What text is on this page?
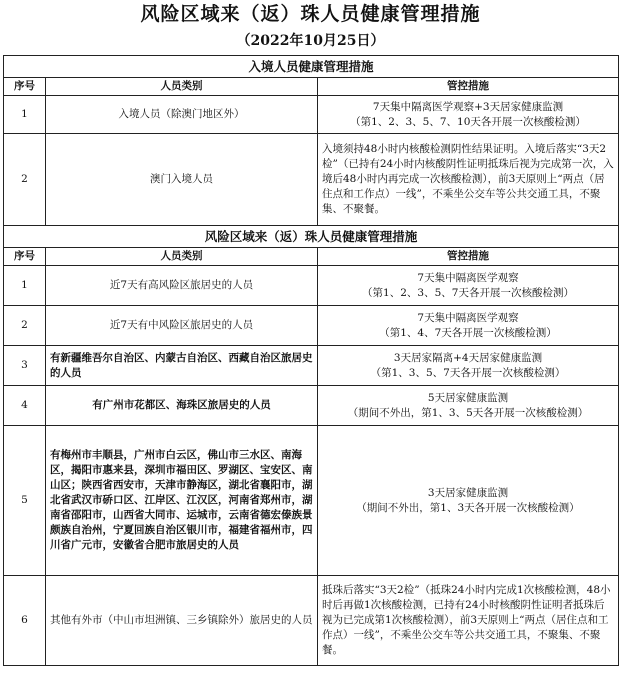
风险区域来（返）珠人员健康管理措施
（2022年10月25日）
入境人员健康管理措施		
序号	人员类别	管控措施
1	入境人员（除澳门地区外）	7天集中隔离医学观察+3天居家健康监测
（第1、2、3、5、7、10天各开展一次核酸检测）

2	澳门入境人员	入境须持48小时内核酸检测阴性结果证明。入境后落实“3天2检”（已持有24小时内核酸阴性证明抵珠后视为完成第一次，入境后48小时内再完成一次核酸检测），前3天原则上“两点（居住点和工作点）一线”，不乘坐公交车等公共交通工具，不聚集、不聚餐。
风险区域来（返）珠人员健康管理措施		
序号	人员类别	管控措施
1	近7天有高风险区旅居史的人员	7天集中隔离医学观察
（第1、2、3、5、7天各开展一次核酸检测）

2	近7天有中风险区旅居史的人员	7天集中隔离医学观察
（第1、4、7天各开展一次核酸检测）

3	有新疆维吾尔自治区、内蒙古自治区、西藏自治区旅居史的人员	3天居家隔离+4天居家健康监测
（第1、3、5、7天各开展一次核酸检测）

4	有广州市花都区、海珠区旅居史的人员	5天居家健康监测
（期间不外出，第1、3、5天各开展一次核酸检测）

5	有梅州市丰顺县，广州市白云区，佛山市三水区、南海区，揭阳市惠来县，深圳市福田区、罗湖区、宝安区、南山区；陕西省西安市，天津市静海区，湖北省襄阳市，湖北省武汉市硚口区、江岸区、江汉区，河南省郑州市，湖南省邵阳市，山西省大同市、运城市，云南省德宏傣族景颇族自治州，宁夏回族自治区银川市，福建省福州市，四川省广元市，安徽省合肥市旅居史的人员	3天居家健康监测
（期间不外出，第1、3天各开展一次核酸检测）

6	其他有外市（中山市坦洲镇、三乡镇除外）旅居史的人员	抵珠后落实“3天2检”（抵珠24小时内完成1次核酸检测，48小时后再做1次核酸检测，已持有24小时核酸阴性证明者抵珠后视为已完成第1次核酸检测），前3天原则上“两点（居住点和工作点）一线”，不乘坐公交车等公共交通工具，不聚集、不聚餐。
